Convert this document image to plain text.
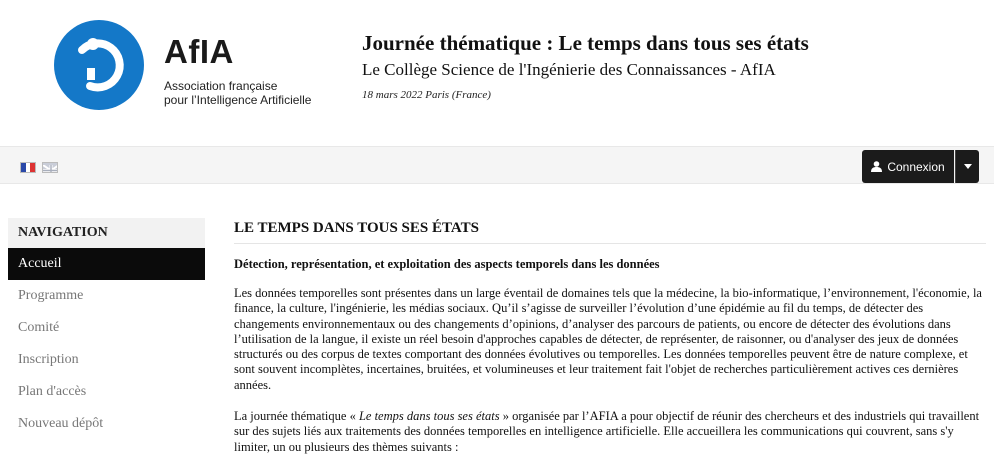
AfIA
Association française
pour l’Intelligence Artificielle
Journée thématique : Le temps dans tous ses états
Le Collège Science de l'Ingénierie des Connaissances - AfIA
18 mars 2022 Paris (France)
Connexion
NAVIGATION
Accueil
Programme
Comité
Inscription
Plan d'accès
Nouveau dépôt
LE TEMPS DANS TOUS SES ÉTATS
Détection, représentation, et exploitation des aspects temporels dans les données

Les données temporelles sont présentes dans un large éventail de domaines tels que la médecine, la bio-informatique, l’environnement, l'économie, la finance, la culture, l'ingénierie, les médias sociaux. Qu’il s’agisse de surveiller l’évolution d’une épidémie au fil du temps, de détecter des changements environnementaux ou des changements d’opinions, d’analyser des parcours de patients, ou encore de détecter des évolutions dans l’utilisation de la langue, il existe un réel besoin d'approches capables de détecter, de représenter, de raisonner, ou d'analyser des jeux de données structurés ou des corpus de textes comportant des données évolutives ou temporelles. Les données temporelles peuvent être de nature complexe, et sont souvent incomplètes, incertaines, bruitées, et volumineuses et leur traitement fait l'objet de recherches particulièrement actives ces dernières années.

La journée thématique « Le temps dans tous ses états » organisée par l’AFIA a pour objectif de réunir des chercheurs et des industriels qui travaillent sur des sujets liés aux traitements des données temporelles en intelligence artificielle. Elle accueillera les communications qui couvrent, sans s'y limiter, un ou plusieurs des thèmes suivants :
